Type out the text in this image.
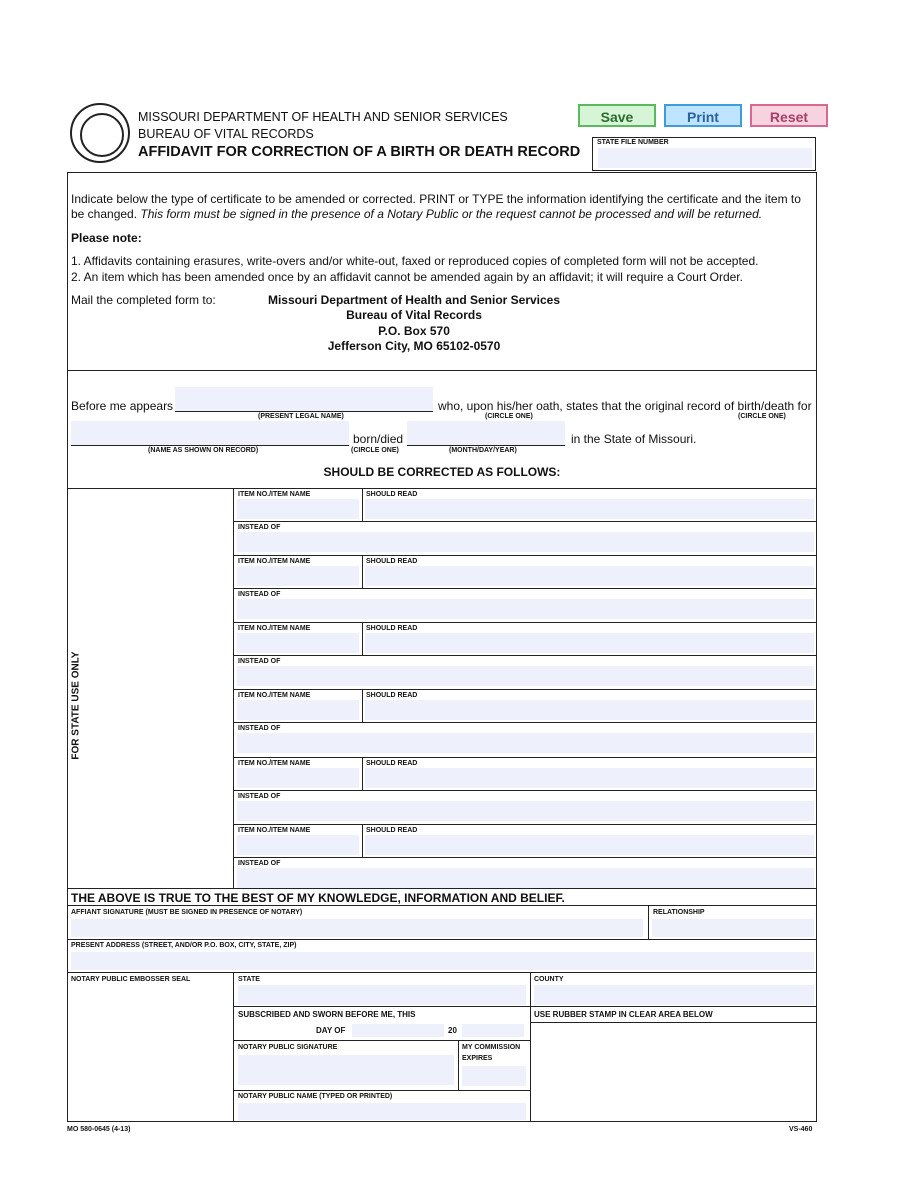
MISSOURI DEPARTMENT OF HEALTH AND SENIOR SERVICES
BUREAU OF VITAL RECORDS
AFFIDAVIT FOR CORRECTION OF A BIRTH OR DEATH RECORD
Save	Print	Reset
STATE FILE NUMBER
Indicate below the type of certificate to be amended or corrected. PRINT or TYPE the information identifying the certificate and the item to
be changed. This form must be signed in the presence of a Notary Public or the request cannot be processed and will be returned.
Please note:
1. Affidavits containing erasures, write-overs and/or white-out, faxed or reproduced copies of completed form will not be accepted.
2. An item which has been amended once by an affidavit cannot be amended again by an affidavit; it will require a Court Order.
Mail the completed form to:	Missouri Department of Health and Senior Services
Bureau of Vital Records
P.O. Box 570
Jefferson City, MO 65102-0570
Before me appears	who, upon his/her oath, states that the original record of birth/death for
(PRESENT LEGAL NAME)	(CIRCLE ONE)	(CIRCLE ONE)
born/died	in the State of Missouri.
(NAME AS SHOWN ON RECORD)	(CIRCLE ONE)	(MONTH/DAY/YEAR)
SHOULD BE CORRECTED AS FOLLOWS:
FOR STATE USE ONLY
ITEM NO./ITEM NAME	SHOULD READ
INSTEAD OF
ITEM NO./ITEM NAME	SHOULD READ
INSTEAD OF
ITEM NO./ITEM NAME	SHOULD READ
INSTEAD OF
ITEM NO./ITEM NAME	SHOULD READ
INSTEAD OF
ITEM NO./ITEM NAME	SHOULD READ
INSTEAD OF
ITEM NO./ITEM NAME	SHOULD READ
INSTEAD OF
THE ABOVE IS TRUE TO THE BEST OF MY KNOWLEDGE, INFORMATION AND BELIEF.
AFFIANT SIGNATURE (MUST BE SIGNED IN PRESENCE OF NOTARY)	RELATIONSHIP
PRESENT ADDRESS (STREET, AND/OR P.O. BOX, CITY, STATE, ZIP)
NOTARY PUBLIC EMBOSSER SEAL	STATE	COUNTY
SUBSCRIBED AND SWORN BEFORE ME, THIS
DAY OF	20
USE RUBBER STAMP IN CLEAR AREA BELOW
NOTARY PUBLIC SIGNATURE	MY COMMISSION
EXPIRES
NOTARY PUBLIC NAME (TYPED OR PRINTED)
MO 580-0645 (4-13)	VS-460
